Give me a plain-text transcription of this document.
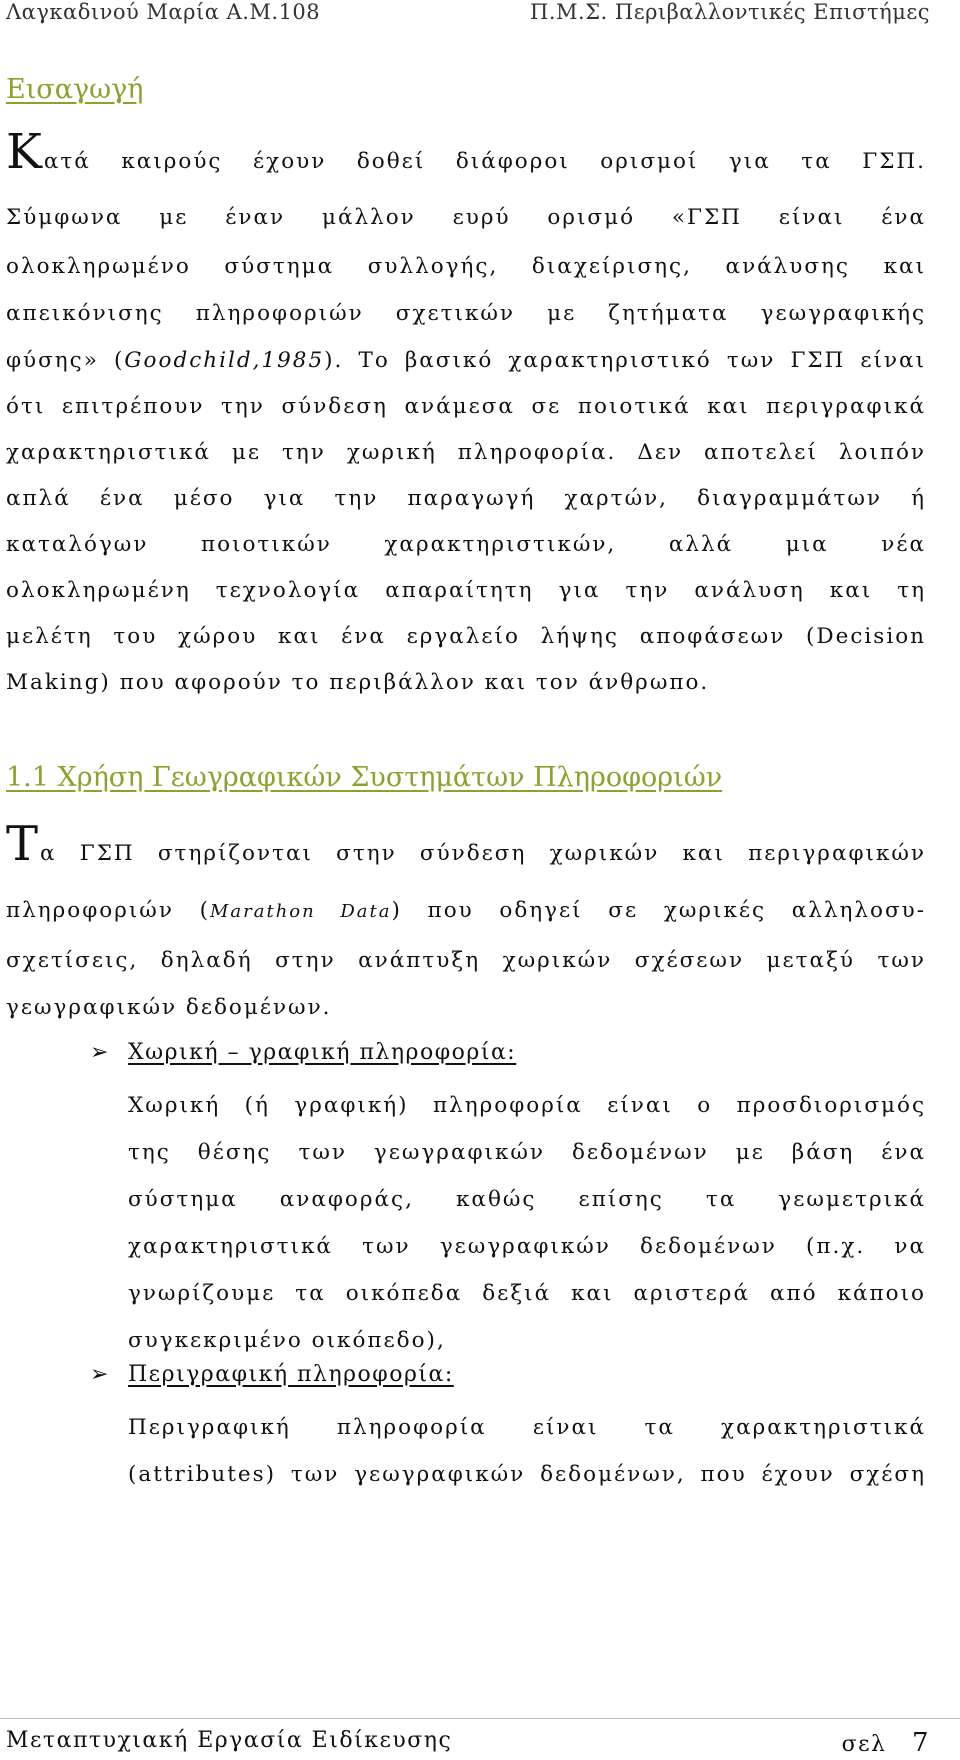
Λαγκαδινού Μαρία Α.Μ.108	Π.Μ.Σ. Περιβαλλοντικές Επιστήμες
Εισαγωγή
Κατά καιρούς έχουν δοθεί διάφοροι ορισμοί για τα ΓΣΠ.
Σύμφωνα με έναν μάλλον ευρύ ορισμό «ΓΣΠ είναι ένα
ολοκληρωμένο σύστημα συλλογής, διαχείρισης, ανάλυσης και
απεικόνισης πληροφοριών σχετικών με ζητήματα γεωγραφικής
φύσης» (Goodchild,1985). Το βασικό χαρακτηριστικό των ΓΣΠ είναι
ότι επιτρέπουν την σύνδεση ανάμεσα σε ποιοτικά και περιγραφικά
χαρακτηριστικά με την χωρική πληροφορία. Δεν αποτελεί λοιπόν
απλά ένα μέσο για την παραγωγή χαρτών, διαγραμμάτων ή
καταλόγων ποιοτικών χαρακτηριστικών, αλλά μια νέα
ολοκληρωμένη τεχνολογία απαραίτητη για την ανάλυση και τη
μελέτη του χώρου και ένα εργαλείο λήψης αποφάσεων (Decision
Making) που αφορούν το περιβάλλον και τον άνθρωπο.
1.1 Χρήση Γεωγραφικών Συστημάτων Πληροφοριών
Τα ΓΣΠ στηρίζονται στην σύνδεση χωρικών και περιγραφικών
πληροφοριών (Marathon Data) που οδηγεί σε χωρικές αλληλοσυ-
σχετίσεις, δηλαδή στην ανάπτυξη χωρικών σχέσεων μεταξύ των
γεωγραφικών δεδομένων.
➢ Χωρική – γραφική πληροφορία:
Χωρική (ή γραφική) πληροφορία είναι ο προσδιορισμός
της θέσης των γεωγραφικών δεδομένων με βάση ένα
σύστημα αναφοράς, καθώς επίσης τα γεωμετρικά
χαρακτηριστικά των γεωγραφικών δεδομένων (π.χ. να
γνωρίζουμε τα οικόπεδα δεξιά και αριστερά από κάποιο
συγκεκριμένο οικόπεδο),
➢ Περιγραφική πληροφορία:
Περιγραφική πληροφορία είναι τα χαρακτηριστικά
(attributes) των γεωγραφικών δεδομένων, που έχουν σχέση
Μεταπτυχιακή Εργασία Ειδίκευσης	σελ 7
